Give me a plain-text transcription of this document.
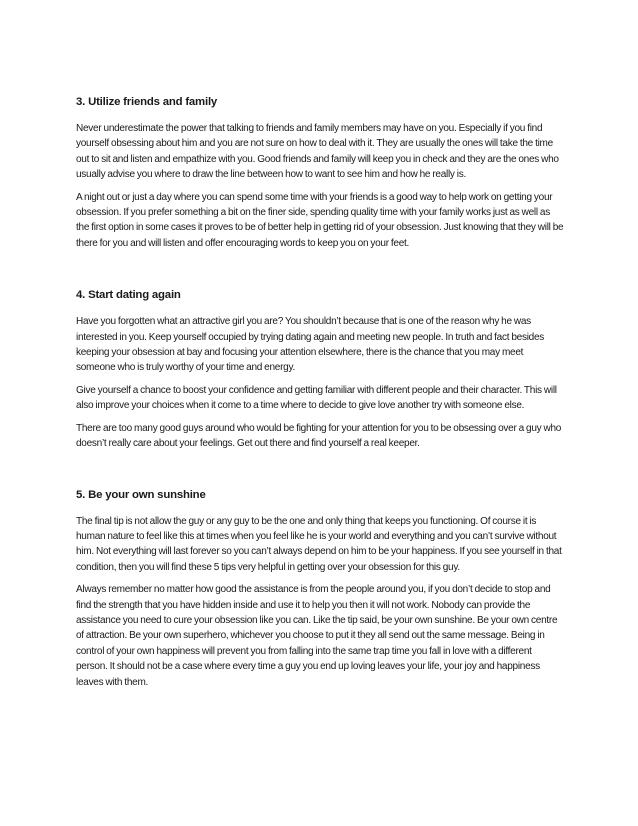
3. Utilize friends and family

Never underestimate the power that talking to friends and family members may have on you. Especially if you find yourself obsessing about him and you are not sure on how to deal with it. They are usually the ones will take the time out to sit and listen and empathize with you. Good friends and family will keep you in check and they are the ones who usually advise you where to draw the line between how to want to see him and how he really is.

A night out or just a day where you can spend some time with your friends is a good way to help work on getting your obsession. If you prefer something a bit on the finer side, spending quality time with your family works just as well as the first option in some cases it proves to be of better help in getting rid of your obsession. Just knowing that they will be there for you and will listen and offer encouraging words to keep you on your feet.

4. Start dating again

Have you forgotten what an attractive girl you are? You shouldn’t because that is one of the reason why he was interested in you. Keep yourself occupied by trying dating again and meeting new people. In truth and fact besides keeping your obsession at bay and focusing your attention elsewhere, there is the chance that you may meet someone who is truly worthy of your time and energy.

Give yourself a chance to boost your confidence and getting familiar with different people and their character. This will also improve your choices when it come to a time where to decide to give love another try with someone else.

There are too many good guys around who would be fighting for your attention for you to be obsessing over a guy who doesn’t really care about your feelings. Get out there and find yourself a real keeper.

5. Be your own sunshine

The final tip is not allow the guy or any guy to be the one and only thing that keeps you functioning. Of course it is human nature to feel like this at times when you feel like he is your world and everything and you can’t survive without him. Not everything will last forever so you can’t always depend on him to be your happiness. If you see yourself in that condition, then you will find these 5 tips very helpful in getting over your obsession for this guy.

Always remember no matter how good the assistance is from the people around you, if you don’t decide to stop and find the strength that you have hidden inside and use it to help you then it will not work. Nobody can provide the assistance you need to cure your obsession like you can. Like the tip said, be your own sunshine. Be your own centre of attraction. Be your own superhero, whichever you choose to put it they all send out the same message. Being in control of your own happiness will prevent you from falling into the same trap time you fall in love with a different person. It should not be a case where every time a guy you end up loving leaves your life, your joy and happiness leaves with them.
